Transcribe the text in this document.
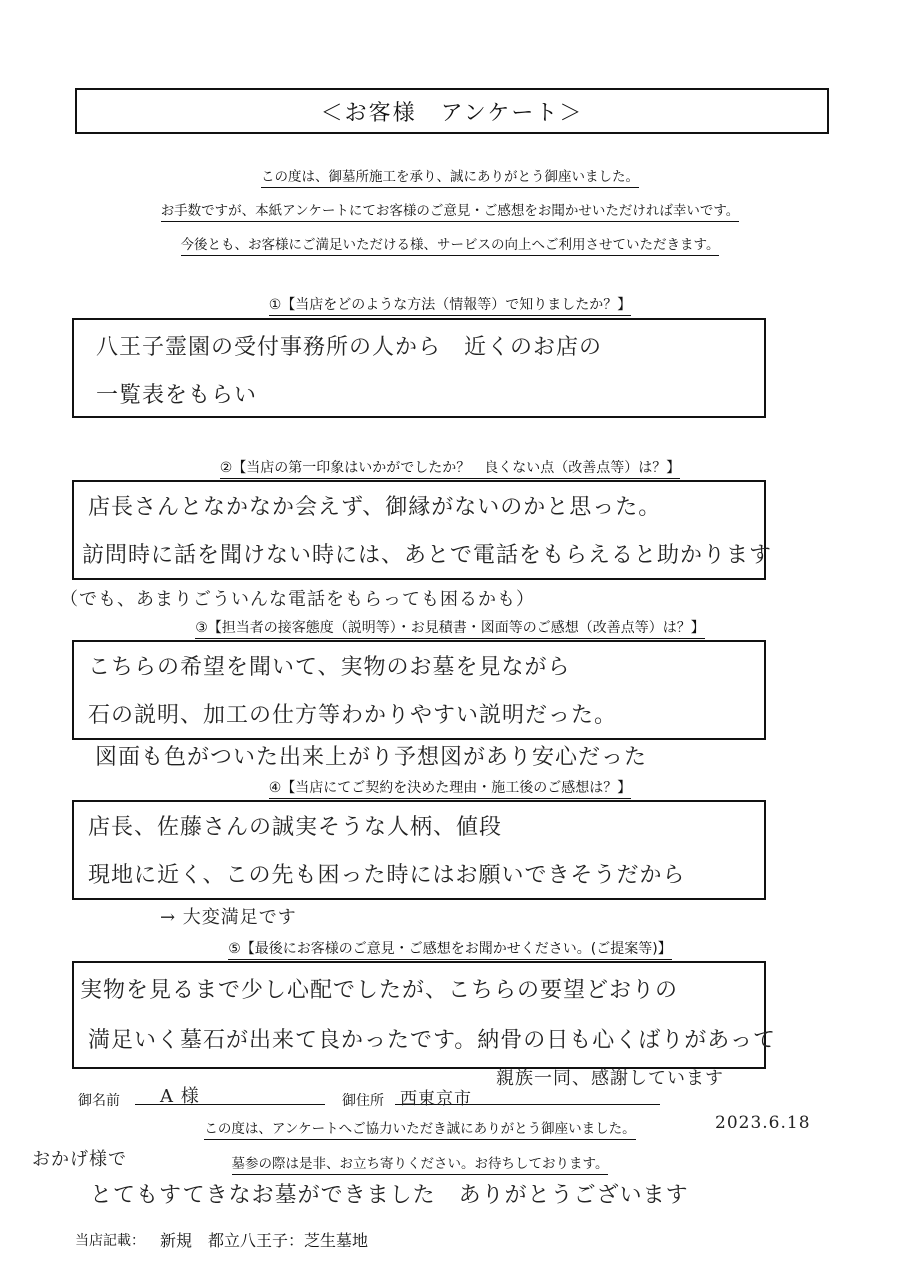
＜お客様　アンケート＞
この度は、御墓所施工を承り、誠にありがとう御座いました。
お手数ですが、本紙アンケートにてお客様のご意見・ご感想をお聞かせいただければ幸いです。
今後とも、お客様にご満足いただける様、サービスの向上へご利用させていただきます。
①【当店をどのような方法（情報等）で知りましたか？】
八王子霊園の受付事務所の人から　近くのお店の
一覧表をもらい
②【当店の第一印象はいかがでしたか？　良くない点（改善点等）は？】
店長さんとなかなか会えず、御縁がないのかと思った。
訪問時に話を聞けない時には、あとで電話をもらえると助かります
（でも、あまりごういんな電話をもらっても困るかも）
③【担当者の接客態度（説明等）・お見積書・図面等のご感想（改善点等）は？】
こちらの希望を聞いて、実物のお墓を見ながら
石の説明、加工の仕方等わかりやすい説明だった。
図面も色がついた出来上がり予想図があり安心だった
④【当店にてご契約を決めた理由・施工後のご感想は？】
店長、佐藤さんの誠実そうな人柄、値段
現地に近く、この先も困った時にはお願いできそうだから
→ 大変満足です
⑤【最後にお客様のご意見・ご感想をお聞かせください。(ご提案等)】
実物を見るまで少し心配でしたが、こちらの要望どおりの
満足いく墓石が出来て良かったです。納骨の日も心くばりがあって
親族一同、感謝しています
御名前 A 様	御住所 西東京市
この度は、アンケートへご協力いただき誠にありがとう御座いました。	2023.6.18
墓参の際は是非、お立ち寄りください。お待ちしております。
おかげ様で
とてもすてきなお墓ができました　ありがとうございます
当店記載： 新規　都立八王子：芝生墓地
